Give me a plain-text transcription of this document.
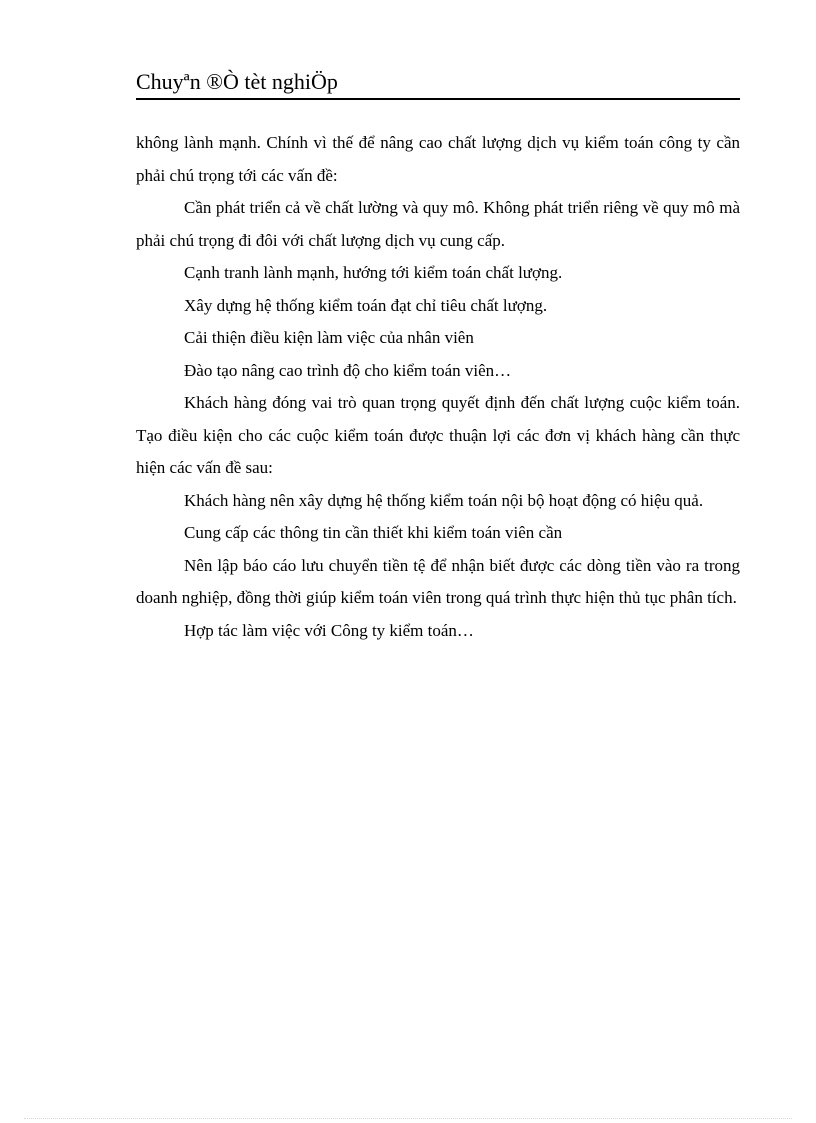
Chuyªn ®Ò tèt nghiÖp

không lành mạnh. Chính vì thế để nâng cao chất lượng dịch vụ kiểm toán công ty cần phải chú trọng tới các vấn đề:

Cần phát triển cả về chất lường và quy mô. Không phát triển riêng về quy mô mà phải chú trọng đi đôi với chất lượng dịch vụ cung cấp.

Cạnh tranh lành mạnh, hướng tới kiểm toán chất lượng.

Xây dựng hệ thống kiểm toán đạt chỉ tiêu chất lượng.

Cải thiện điều kiện làm việc của nhân viên

Đào tạo nâng cao trình độ cho kiểm toán viên…

Khách hàng đóng vai trò quan trọng quyết định đến chất lượng cuộc kiểm toán. Tạo điều kiện cho các cuộc kiểm toán được thuận lợi các đơn vị khách hàng cần thực hiện các vấn đề sau:

Khách hàng nên xây dựng hệ thống kiểm toán nội bộ hoạt động có hiệu quả.

Cung cấp các thông tin cần thiết khi kiểm toán viên cần

Nên lập báo cáo lưu chuyển tiền tệ để nhận biết được các dòng tiền vào ra trong doanh nghiệp, đồng thời giúp kiểm toán viên trong quá trình thực hiện thủ tục phân tích.

Hợp tác làm việc với Công ty kiểm toán…
